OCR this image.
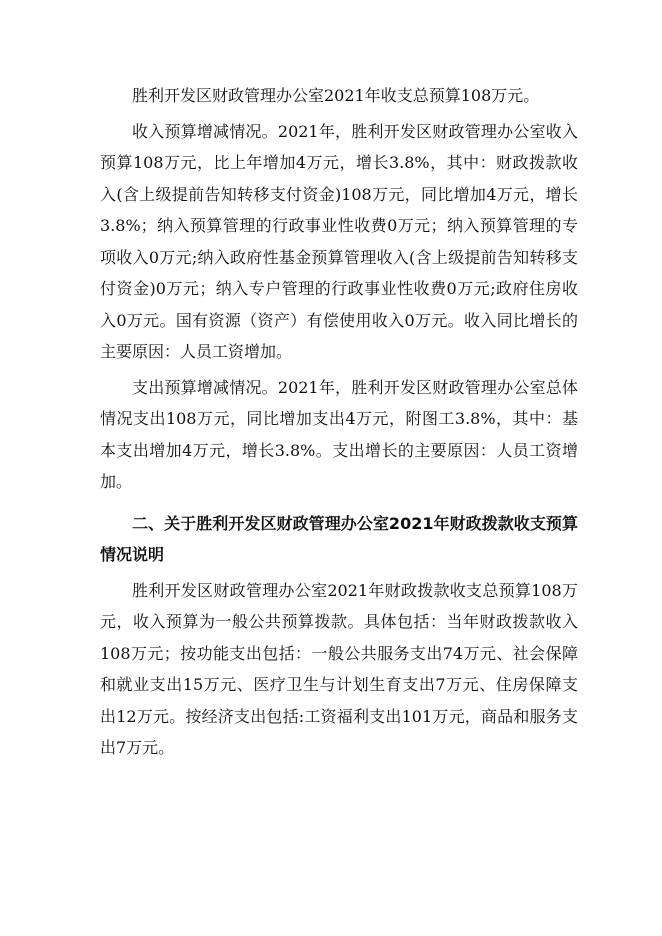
胜利开发区财政管理办公室2021年收支总预算108万元。

收入预算增减情况。2021年，胜利开发区财政管理办公室收入预算108万元，比上年增加4万元，增长3.8%，其中：财政拨款收入(含上级提前告知转移支付资金)108万元，同比增加4万元，增长3.8%；纳入预算管理的行政事业性收费0万元；纳入预算管理的专项收入0万元;纳入政府性基金预算管理收入(含上级提前告知转移支付资金)0万元；纳入专户管理的行政事业性收费0万元;政府住房收入0万元。国有资源（资产）有偿使用收入0万元。收入同比增长的主要原因：人员工资增加。

支出预算增减情况。2021年，胜利开发区财政管理办公室总体情况支出108万元，同比增加支出4万元，附图工3.8%，其中：基本支出增加4万元，增长3.8%。支出增长的主要原因：人员工资增加。

二、关于胜利开发区财政管理办公室2021年财政拨款收支预算情况说明

胜利开发区财政管理办公室2021年财政拨款收支总预算108万元，收入预算为一般公共预算拨款。具体包括：当年财政拨款收入108万元；按功能支出包括：一般公共服务支出74万元、社会保障和就业支出15万元、医疗卫生与计划生育支出7万元、住房保障支出12万元。按经济支出包括:工资福利支出101万元，商品和服务支出7万元。
